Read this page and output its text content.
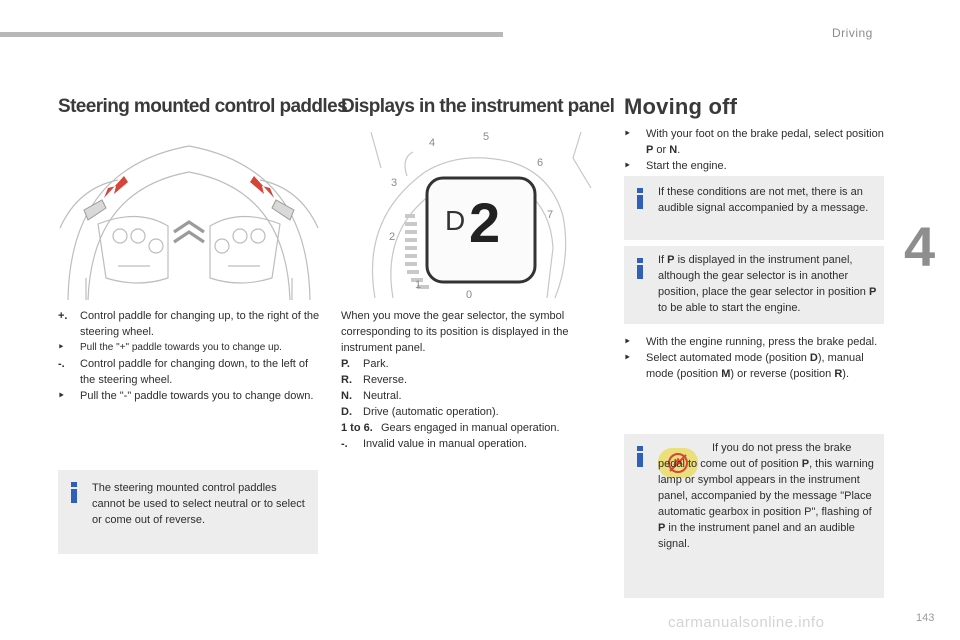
Driving
4
143
carmanualsonline.info
Steering mounted control paddles
Displays in the instrument panel Moving off
D 2
0
1
2
3
4	5
6
7
+. Control paddle for changing up, to the right of the steering wheel.
‣ Pull the "+" paddle towards you to change up.
-. Control paddle for changing down, to the left of the steering wheel.
‣ Pull the "-" paddle towards you to change down.
The steering mounted control paddles cannot be used to select neutral or to select or come out of reverse.
When you move the gear selector, the symbol corresponding to its position is displayed in the instrument panel.
P. Park.
R. Reverse.
N. Neutral.
D. Drive (automatic operation).
1 to 6. Gears engaged in manual operation.
-. Invalid value in manual operation.
‣ With your foot on the brake pedal, select position P or N.
‣ Start the engine.
If these conditions are not met, there is an audible signal accompanied by a message.
If P is displayed in the instrument panel, although the gear selector is in another position, place the gear selector in position P to be able to start the engine.
‣ With the engine running, press the brake pedal.
‣ Select automated mode (position D), manual mode (position M) or reverse (position R).
If you do not press the brake pedal to come out of position P, this warning lamp or symbol appears in the instrument panel, accompanied by the message "Place automatic gearbox in position P", flashing of P in the instrument panel and an audible signal.
